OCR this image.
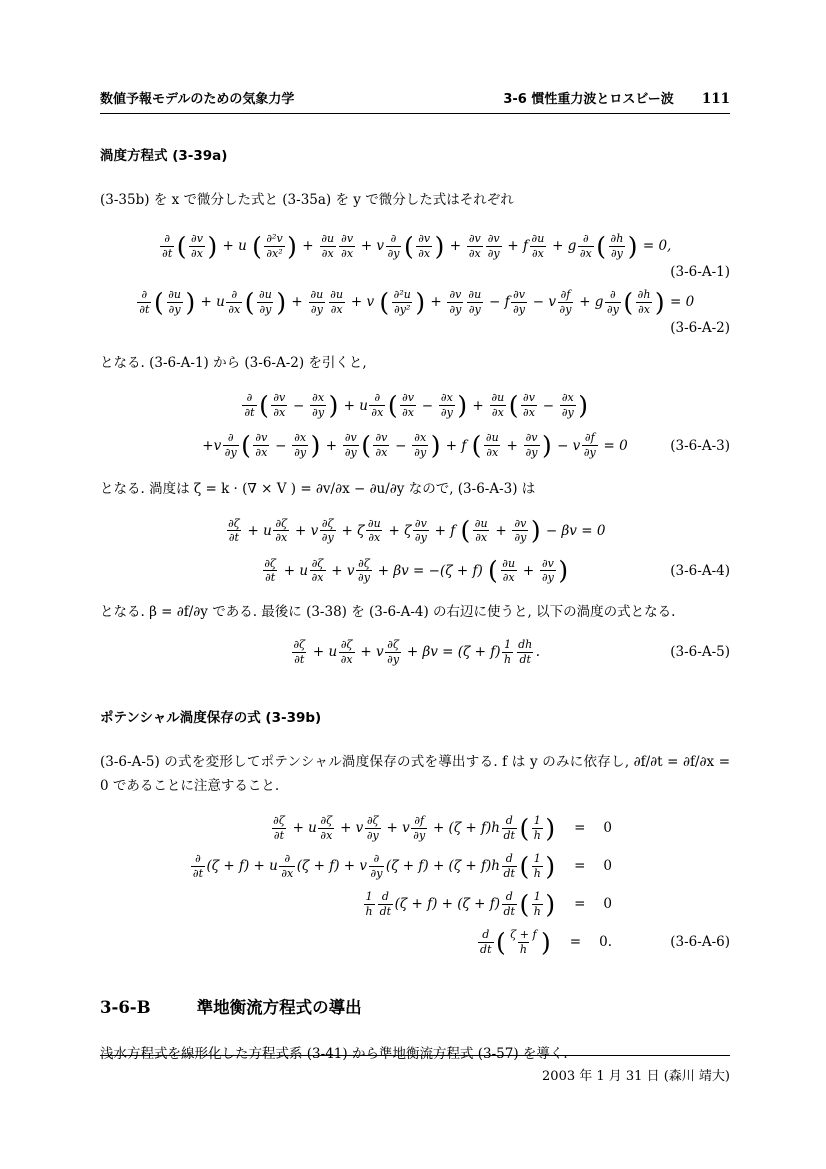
数値予報モデルのための気象力学	3-6 慣性重力波とロスビー波 111
渦度方程式 (3-39a)
(3-35b) を x で微分した式と (3-35a) を y で微分した式はそれぞれ
$\frac{\partial}{\partial t}$ ( $\frac{\partial v}{\partial x}$ ) + u ( $\frac{\text{∂²v}}{\text{∂x²}}$ ) + $\frac{\partial u}{\partial x} \frac{\partial v}{\partial x} + v \frac{\partial}{\partial y}$ ( $\frac{\partial v}{\partial x}$ ) + $\frac{\partial v}{\partial x} \frac{\partial v}{\partial y} + f \frac{\partial u}{\partial x} + g \frac{\partial}{\partial x}$ ( $\frac{\partial h}{\partial y}$ ) = 0,
(3-6-A-1)
$\frac{\partial}{\partial t}$ ( $\frac{\partial u}{\partial y}$ ) + u $\frac{\partial}{\partial x}$ ( $\frac{\partial u}{\partial y}$ ) + $\frac{\partial u}{\partial y} \frac{\partial u}{\partial x} + v$ ( $\frac{\text{∂²u}}{\text{∂y²}}$ ) + $\frac{\partial v}{\partial y} \frac{\partial u}{\partial y} - f \frac{\partial v}{\partial y} - v \frac{\partial f}{\partial y} + g \frac{\partial}{\partial y}$ ( $\frac{\partial h}{\partial x}$ ) = 0
(3-6-A-2)
となる. (3-6-A-1) から (3-6-A-2) を引くと,
$\frac{\partial}{\partial t}$ ( $\frac{\partial v}{\partial x} - \frac{\partial x}{\partial y}$ ) + u $\frac{\partial}{\partial x}$ ( $\frac{\partial v}{\partial x} - \frac{\partial x}{\partial y}$ ) + $\frac{\partial u}{\partial x}$ ( $\frac{\partial v}{\partial x} - \frac{\partial x}{\partial y}$ )
$+v \frac{\partial}{\partial y}$ ( $\frac{\partial v}{\partial x} - \frac{\partial x}{\partial y}$ ) + $\frac{\partial v}{\partial y}$ ( $\frac{\partial v}{\partial x} - \frac{\partial x}{\partial y}$ ) + f ( $\frac{\partial u}{\partial x} + \frac{\partial v}{\partial y}$ ) − v $\frac{\partial f}{\partial y} = 0$	(3-6-A-3)
となる. 渦度は ζ = k · (∇ × V ) = ∂v/∂x − ∂u/∂y なので, (3-6-A-3) は
$\frac{\partial\zeta}{\partial t} + u \frac{\partial\zeta}{\partial x} + v \frac{\partial\zeta}{\partial y} + \zeta \frac{\partial u}{\partial x} + \zeta \frac{\partial v}{\partial y} + f$ ( $\frac{\partial u}{\partial x} + \frac{\partial v}{\partial y}$ ) − βv = 0
$\frac{\partial\zeta}{\partial t} + u \frac{\partial\zeta}{\partial x} + v \frac{\partial\zeta}{\partial y} + \beta v = -(\zeta + f)$ ( $\frac{\partial u}{\partial x} + \frac{\partial v}{\partial y}$ )	(3-6-A-4)
となる. β = ∂f/∂y である. 最後に (3-38) を (3-6-A-4) の右辺に使うと, 以下の渦度の式となる.
$\frac{\partial\zeta}{\partial t} + u \frac{\partial\zeta}{\partial x} + v \frac{\partial\zeta}{\partial y} + \beta v = (\zeta + f) \frac{1}{h} \frac{dh}{dt}$ .	(3-6-A-5)
ポテンシャル渦度保存の式 (3-39b)
(3-6-A-5) の式を変形してポテンシャル渦度保存の式を導出する. f は y のみに依存し, ∂f/∂t = ∂f/∂x = 0 であることに注意すること.
$\frac{\partial\zeta}{\partial t} + u \frac{\partial\zeta}{\partial x} + v \frac{\partial\zeta}{\partial y} + v \frac{\partial f}{\partial y} + (\zeta + f)h \frac{d}{dt}$ ( $\frac{1}{h}$ ) = 0
$\frac{\partial}{\partial t} (\zeta + f) + u \frac{\partial}{\partial x} (\zeta + f) + v \frac{\partial}{\partial y} (\zeta + f) + (\zeta + f)h \frac{d}{dt}$ ( $\frac{1}{h}$ ) = 0
$\frac{1}{h} \frac{d}{dt} (\zeta + f) + (\zeta + f) \frac{d}{dt}$ ( $\frac{1}{h}$ ) = 0
$\frac{d}{dt}$ ( $\frac{\zeta + f}{h}$ ) = 0.	(3-6-A-6)
3-6-B	準地衡流方程式の導出
浅水方程式を線形化した方程式系 (3-41) から準地衡流方程式 (3-57) を導く.
2003 年 1 月 31 日 (森川 靖大)
